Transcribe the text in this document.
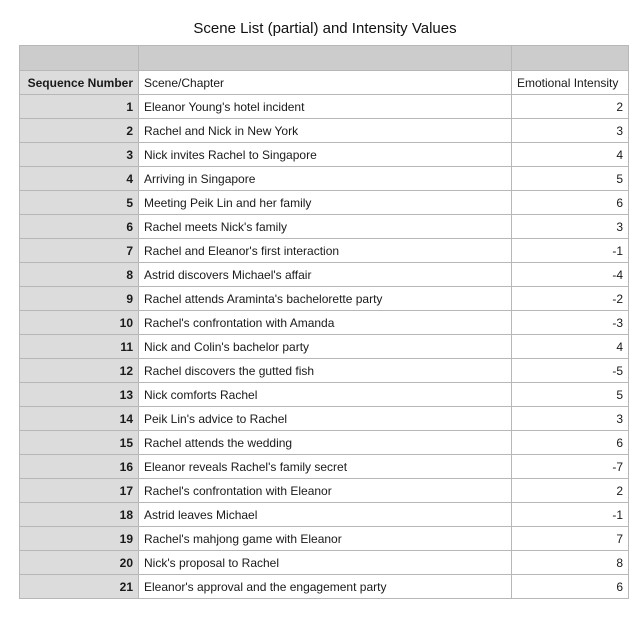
Scene List (partial) and Intensity Values

Sequence Number	Scene/Chapter	Emotional Intensity
1	Eleanor Young's hotel incident	2
2	Rachel and Nick in New York	3
3	Nick invites Rachel to Singapore	4
4	Arriving in Singapore	5
5	Meeting Peik Lin and her family	6
6	Rachel meets Nick's family	3
7	Rachel and Eleanor's first interaction	-1
8	Astrid discovers Michael's affair	-4
9	Rachel attends Araminta's bachelorette party	-2
10	Rachel's confrontation with Amanda	-3
11	Nick and Colin's bachelor party	4
12	Rachel discovers the gutted fish	-5
13	Nick comforts Rachel	5
14	Peik Lin's advice to Rachel	3
15	Rachel attends the wedding	6
16	Eleanor reveals Rachel's family secret	-7
17	Rachel's confrontation with Eleanor	2
18	Astrid leaves Michael	-1
19	Rachel's mahjong game with Eleanor	7
20	Nick's proposal to Rachel	8
21	Eleanor's approval and the engagement party	6
